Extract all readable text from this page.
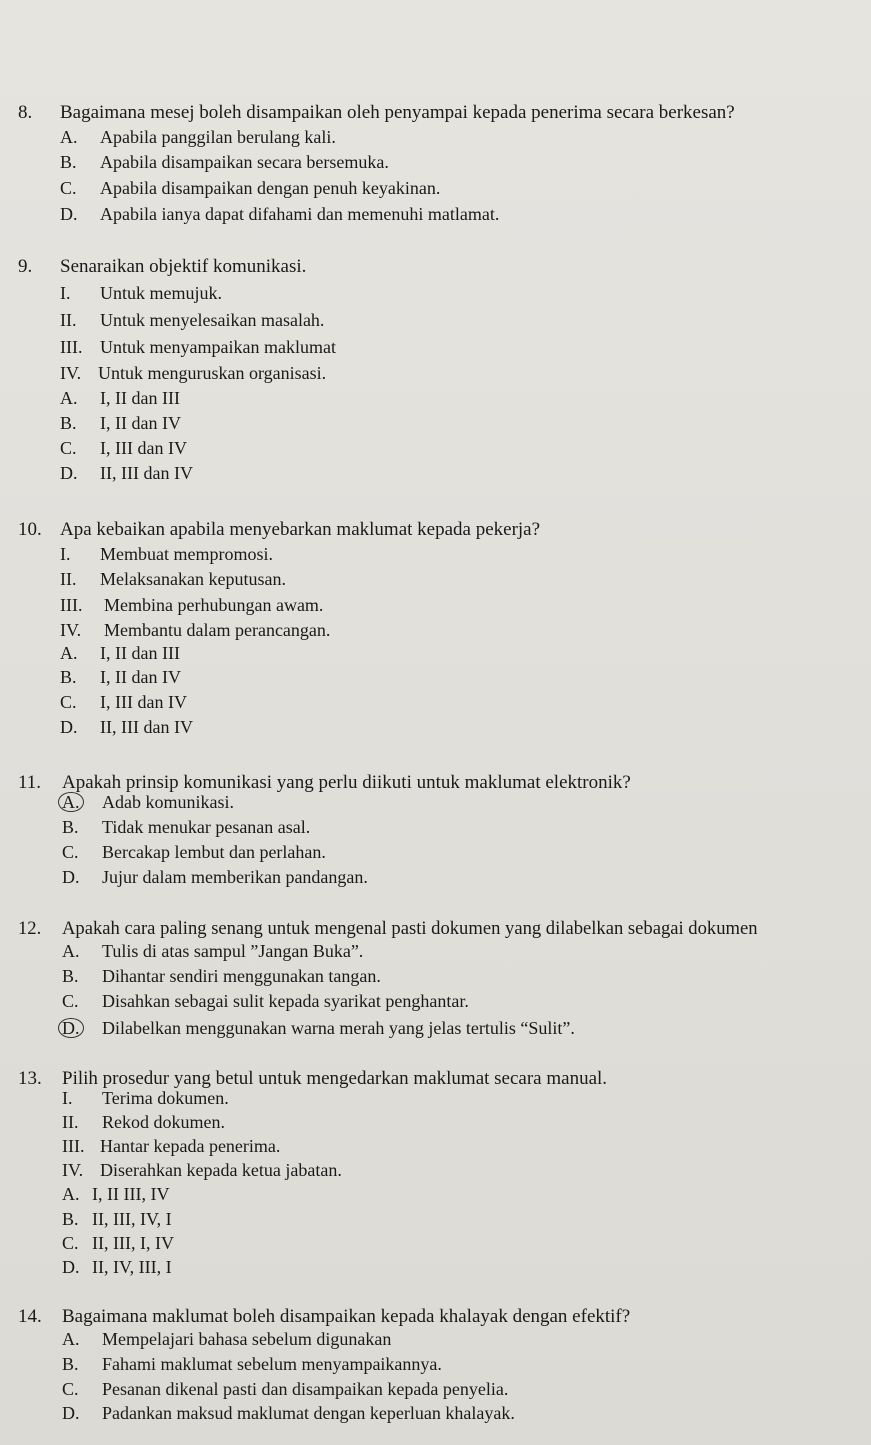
8. Bagaimana mesej boleh disampaikan oleh penyampai kepada penerima secara berkesan?
A. Apabila panggilan berulang kali.
B. Apabila disampaikan secara bersemuka.
C. Apabila disampaikan dengan penuh keyakinan.
D. Apabila ianya dapat difahami dan memenuhi matlamat.
9. Senaraikan objektif komunikasi.
I. Untuk memujuk.
II. Untuk menyelesaikan masalah.
III. Untuk menyampaikan maklumat
IV. Untuk menguruskan organisasi.
A. I, II dan III
B. I, II dan IV
C. I, III dan IV
D. II, III dan IV
10. Apa kebaikan apabila menyebarkan maklumat kepada pekerja?
I. Membuat mempromosi.
II. Melaksanakan keputusan.
III. Membina perhubungan awam.
IV. Membantu dalam perancangan.
A. I, II dan III
B. I, II dan IV
C. I, III dan IV
D. II, III dan IV
11. Apakah prinsip komunikasi yang perlu diikuti untuk maklumat elektronik?
A. Adab komunikasi.
B. Tidak menukar pesanan asal.
C. Bercakap lembut dan perlahan.
D. Jujur dalam memberikan pandangan.
12. Apakah cara paling senang untuk mengenal pasti dokumen yang dilabelkan sebagai dokumen
A. Tulis di atas sampul ”Jangan Buka”.
B. Dihantar sendiri menggunakan tangan.
C. Disahkan sebagai sulit kepada syarikat penghantar.
D. Dilabelkan menggunakan warna merah yang jelas tertulis “Sulit”.
13. Pilih prosedur yang betul untuk mengedarkan maklumat secara manual.
I. Terima dokumen.
II. Rekod dokumen.
III. Hantar kepada penerima.
IV. Diserahkan kepada ketua jabatan.
A. I, II III, IV
B. II, III, IV, I
C. II, III, I, IV
D. II, IV, III, I
14. Bagaimana maklumat boleh disampaikan kepada khalayak dengan efektif?
A. Mempelajari bahasa sebelum digunakan
B. Fahami maklumat sebelum menyampaikannya.
C. Pesanan dikenal pasti dan disampaikan kepada penyelia.
D. Padankan maksud maklumat dengan keperluan khalayak.
